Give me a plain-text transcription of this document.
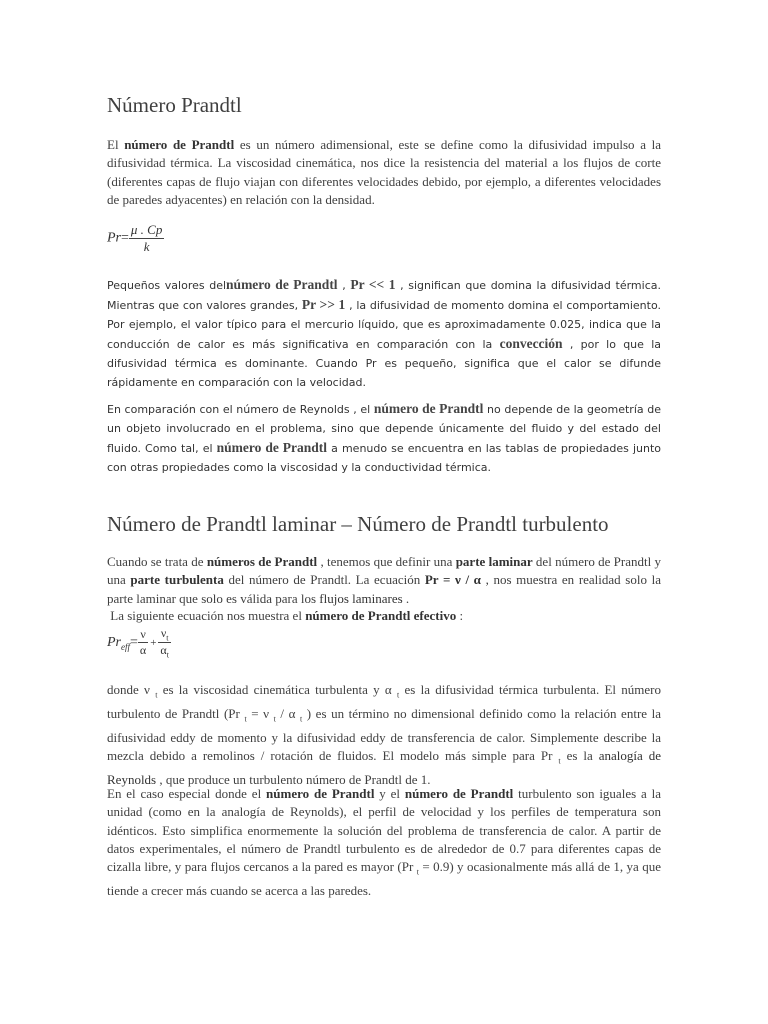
Número Prandtl
El número de Prandtl es un número adimensional, este se define como la difusividad impulso a la difusividad térmica. La viscosidad cinemática, nos dice la resistencia del material a los flujos de corte (diferentes capas de flujo viajan con diferentes velocidades debido, por ejemplo, a diferentes velocidades de paredes adyacentes) en relación con la densidad.
$Pr= \frac{\mu . Cp}{k}$
Pequeños valores delnúmero de Prandtl , Pr << 1 , significan que domina la difusividad térmica. Mientras que con valores grandes, Pr >> 1 , la difusividad de momento domina el comportamiento. Por ejemplo, el valor típico para el mercurio líquido, que es aproximadamente 0.025, indica que la conducción de calor es más significativa en comparación con la convección , por lo que la difusividad térmica es dominante. Cuando Pr es pequeño, significa que el calor se difunde rápidamente en comparación con la velocidad.
En comparación con el número de Reynolds , el número de Prandtl no depende de la geometría de un objeto involucrado en el problema, sino que depende únicamente del fluido y del estado del fluido. Como tal, el número de Prandtl a menudo se encuentra en las tablas de propiedades junto con otras propiedades como la viscosidad y la conductividad térmica.
Número de Prandtl laminar – Número de Prandtl turbulento
Cuando se trata de números de Prandtl , tenemos que definir una parte laminar del número de Prandtl y una parte turbulenta del número de Prandtl. La ecuación Pr = ν / α , nos muestra en realidad solo la parte laminar que solo es válida para los flujos laminares .
La siguiente ecuación nos muestra el número de Prandtl efectivo :
$Pr_{eff}= \frac{\nu}{\alpha} + \frac{\nu_t}{\alpha_t}$
donde ν $_t$ es la viscosidad cinemática turbulenta y α $_t$ es la difusividad térmica turbulenta. El número turbulento de Prandtl (Pr $_t$ = ν $_t$ / α $_t$ ) es un término no dimensional definido como la relación entre la difusividad eddy de momento y la difusividad eddy de transferencia de calor. Simplemente describe la mezcla debido a remolinos / rotación de fluidos. El modelo más simple para Pr $_t$ es la analogía de Reynolds , que produce un turbulento número de Prandtl de 1.
En el caso especial donde el número de Prandtl y el número de Prandtl turbulento son iguales a la unidad (como en la analogía de Reynolds), el perfil de velocidad y los perfiles de temperatura son idénticos. Esto simplifica enormemente la solución del problema de transferencia de calor. A partir de datos experimentales, el número de Prandtl turbulento es de alrededor de 0.7 para diferentes capas de cizalla libre, y para flujos cercanos a la pared es mayor (Pr $_t$ = 0.9) y ocasionalmente más allá de 1, ya que tiende a crecer más cuando se acerca a las paredes.
